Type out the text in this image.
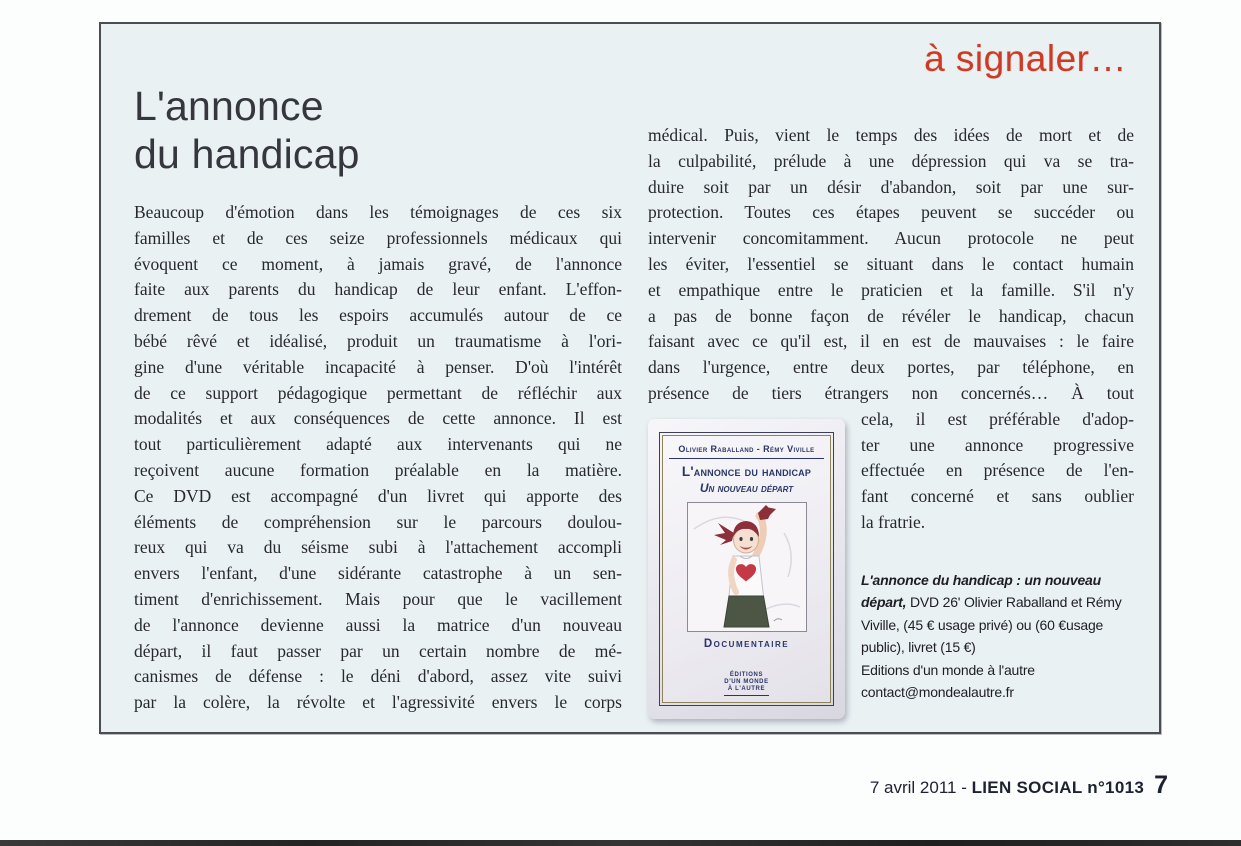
à signaler…
L'annonce
du handicap
Beaucoup d'émotion dans les témoignages de ces six
familles et de ces seize professionnels médicaux qui
évoquent ce moment, à jamais gravé, de l'annonce
faite aux parents du handicap de leur enfant. L'effon-
drement de tous les espoirs accumulés autour de ce
bébé rêvé et idéalisé, produit un traumatisme à l'ori-
gine d'une véritable incapacité à penser. D'où l'intérêt
de ce support pédagogique permettant de réfléchir aux
modalités et aux conséquences de cette annonce. Il est
tout particulièrement adapté aux intervenants qui ne
reçoivent aucune formation préalable en la matière.
Ce DVD est accompagné d'un livret qui apporte des
éléments de compréhension sur le parcours doulou-
reux qui va du séisme subi à l'attachement accompli
envers l'enfant, d'une sidérante catastrophe à un sen-
timent d'enrichissement. Mais pour que le vacillement
de l'annonce devienne aussi la matrice d'un nouveau
départ, il faut passer par un certain nombre de mé-
canismes de défense : le déni d'abord, assez vite suivi
par la colère, la révolte et l'agressivité envers le corps
médical. Puis, vient le temps des idées de mort et de
la culpabilité, prélude à une dépression qui va se tra-
duire soit par un désir d'abandon, soit par une sur-
protection. Toutes ces étapes peuvent se succéder ou
intervenir concomitamment. Aucun protocole ne peut
les éviter, l'essentiel se situant dans le contact humain
et empathique entre le praticien et la famille. S'il n'y
a pas de bonne façon de révéler le handicap, chacun
faisant avec ce qu'il est, il en est de mauvaises : le faire
dans l'urgence, entre deux portes, par téléphone, en
présence de tiers étrangers non concernés… À tout
Olivier Raballand - Rémy Viville
L'annonce du handicap
Un nouveau départ
Documentaire

ÉDITIONS
D'UN MONDE
À L'AUTRE
cela, il est préférable d'adop-
ter une annonce progressive
effectuée en présence de l'en-
fant concerné et sans oublier
la fratrie.

L'annonce du handicap : un nouveau départ, DVD 26' Olivier Raballand et Rémy Viville, (45 € usage privé) ou (60 €usage public), livret (15 €)

Editions d'un monde à l'autre
contact@mondealautre.fr
7 avril 2011 - LIEN SOCIAL n°1013 7
